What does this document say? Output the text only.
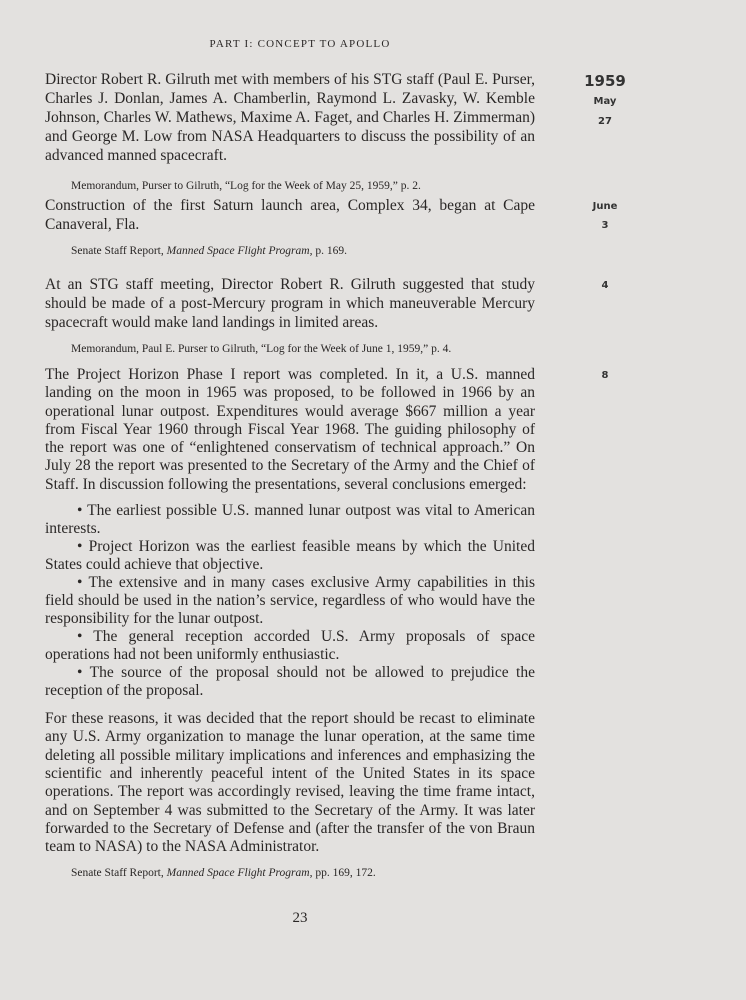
PART I: CONCEPT TO APOLLO
1959
May
27
June
3
4
8

Director Robert R. Gilruth met with members of his STG staff (Paul E. Purser, Charles J. Donlan, James A. Chamberlin, Raymond L. Zavasky, W. Kemble Johnson, Charles W. Mathews, Maxime A. Faget, and Charles H. Zimmerman) and George M. Low from NASA Headquarters to discuss the possibility of an advanced manned spacecraft.

Memorandum, Purser to Gilruth, “Log for the Week of May 25, 1959,” p. 2.

Construction of the first Saturn launch area, Complex 34, began at Cape Canaveral, Fla.

Senate Staff Report, Manned Space Flight Program, p. 169.

At an STG staff meeting, Director Robert R. Gilruth suggested that study should be made of a post-Mercury program in which maneuverable Mercury spacecraft would make land landings in limited areas.

Memorandum, Paul E. Purser to Gilruth, “Log for the Week of June 1, 1959,” p. 4.

The Project Horizon Phase I report was completed. In it, a U.S. manned landing on the moon in 1965 was proposed, to be followed in 1966 by an operational lunar outpost. Expenditures would average $667 million a year from Fiscal Year 1960 through Fiscal Year 1968. The guiding philosophy of the report was one of “enlightened conservatism of technical approach.” On July 28 the report was presented to the Secretary of the Army and the Chief of Staff. In discussion following the presentations, several conclusions emerged:

• The earliest possible U.S. manned lunar outpost was vital to American interests.
• Project Horizon was the earliest feasible means by which the United States could achieve that objective.
• The extensive and in many cases exclusive Army capabilities in this field should be used in the nation’s service, regardless of who would have the responsibility for the lunar outpost.
• The general reception accorded U.S. Army proposals of space operations had not been uniformly enthusiastic.
• The source of the proposal should not be allowed to prejudice the reception of the proposal.

For these reasons, it was decided that the report should be recast to eliminate any U.S. Army organization to manage the lunar operation, at the same time deleting all possible military implications and inferences and emphasizing the scientific and inherently peaceful intent of the United States in its space operations. The report was accordingly revised, leaving the time frame intact, and on September 4 was submitted to the Secretary of the Army. It was later forwarded to the Secretary of Defense and (after the transfer of the von Braun team to NASA) to the NASA Administrator.

Senate Staff Report, Manned Space Flight Program, pp. 169, 172.
23
